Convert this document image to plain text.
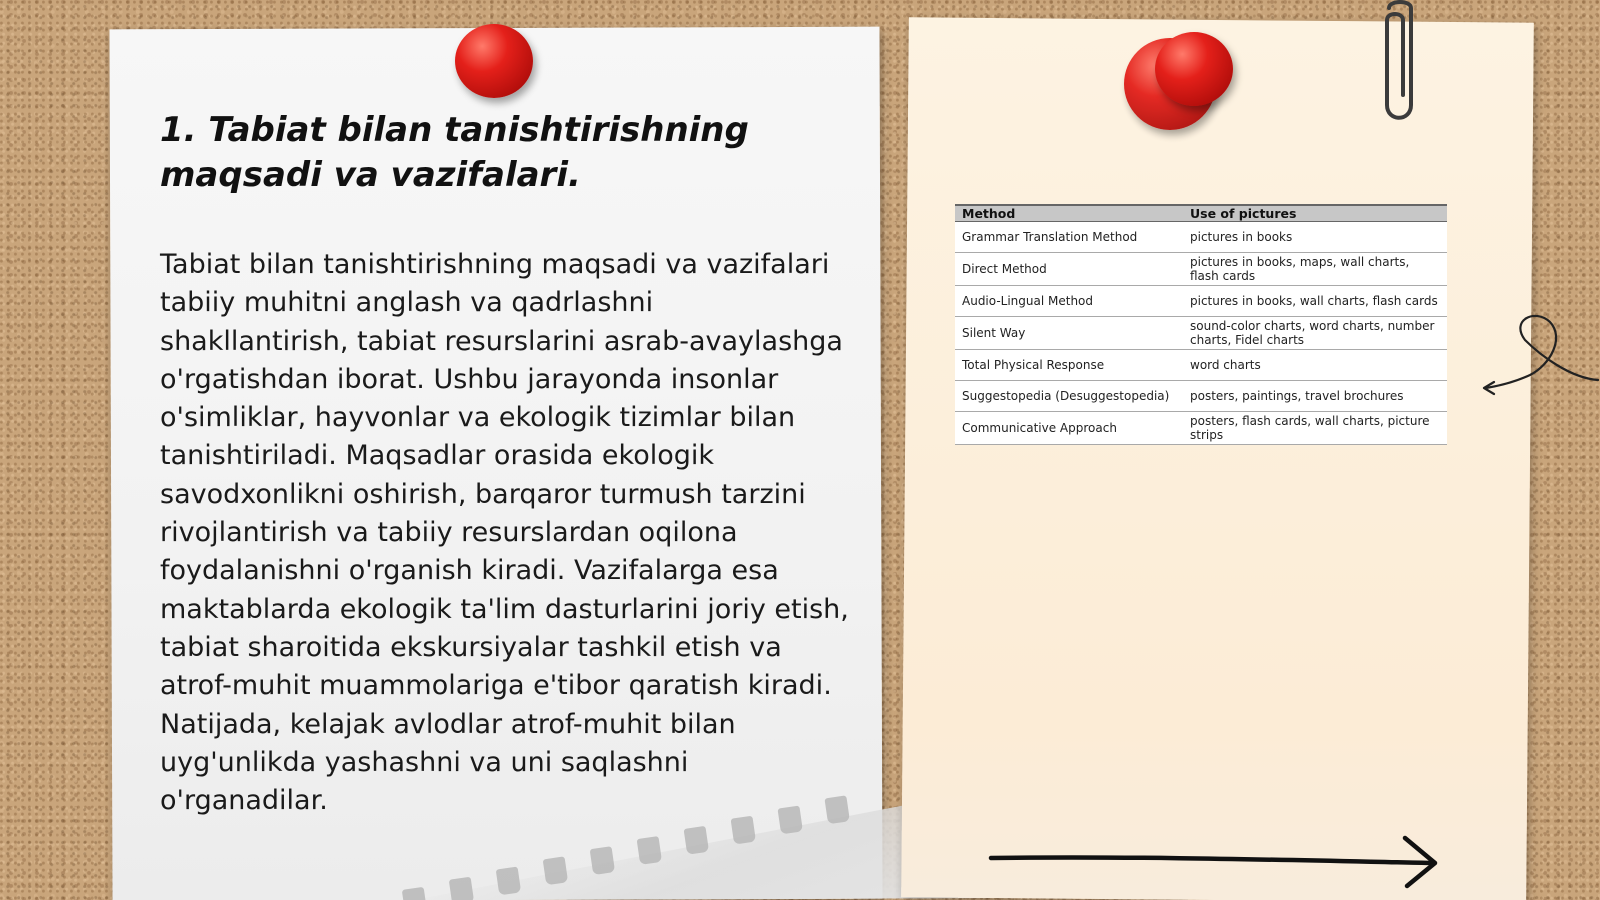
1. Tabiat bilan tanishtirishning maqsadi va vazifalari.

Tabiat bilan tanishtirishning maqsadi va vazifalari tabiiy muhitni anglash va qadrlashni shakllantirish, tabiat resurslarini asrab-avaylashga o'rgatishdan iborat. Ushbu jarayonda insonlar o'simliklar, hayvonlar va ekologik tizimlar bilan tanishtiriladi. Maqsadlar orasida ekologik savodxonlikni oshirish, barqaror turmush tarzini rivojlantirish va tabiiy resurslardan oqilona foydalanishni o'rganish kiradi. Vazifalarga esa maktablarda ekologik ta'lim dasturlarini joriy etish, tabiat sharoitida ekskursiyalar tashkil etish va atrof-muhit muammolariga e'tibor qaratish kiradi. Natijada, kelajak avlodlar atrof-muhit bilan uyg'unlikda yashashni va uni saqlashni o'rganadilar.

Method	Use of pictures
Grammar Translation Method	pictures in books
Direct Method	pictures in books, maps, wall charts, flash cards
Audio-Lingual Method	pictures in books, wall charts, flash cards
Silent Way	sound-color charts, word charts, number charts, Fidel charts
Total Physical Response	word charts
Suggestopedia (Desuggestopedia)	posters, paintings, travel brochures
Communicative Approach	posters, flash cards, wall charts, picture strips
